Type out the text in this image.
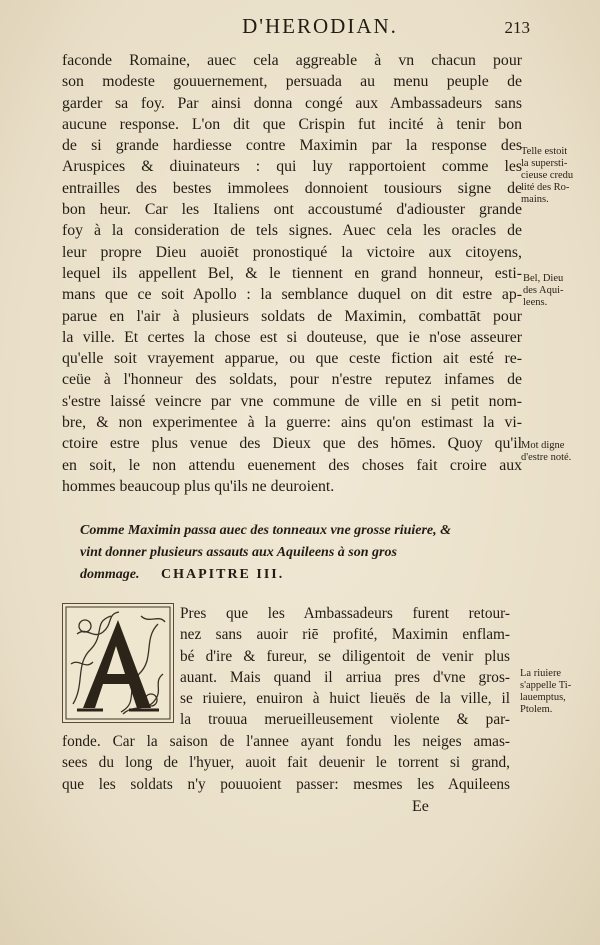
D'HERODIAN.	213
faconde Romaine, auec cela aggreable à vn chacun pour
son modeste gouuernement, persuada au menu peuple de
garder sa foy. Par ainsi donna congé aux Ambassadeurs sans
aucune response. L'on dit que Crispin fut incité à tenir bon
de si grande hardiesse contre Maximin par la response des
Aruspices & diuinateurs : qui luy rapportoient comme les
entrailles des bestes immolees donnoient tousiours signe de
bon heur. Car les Italiens ont accoustumé d'adiouster grande
foy à la consideration de tels signes. Auec cela les oracles de
leur propre Dieu auoiēt pronostiqué la victoire aux citoyens,
lequel ils appellent Bel, & le tiennent en grand honneur, esti-
mans que ce soit Apollo : la semblance duquel on dit estre ap-
parue en l'air à plusieurs soldats de Maximin, combattāt pour
la ville. Et certes la chose est si douteuse, que ie n'ose asseurer
qu'elle soit vrayement apparue, ou que ceste fiction ait esté re-
ceüe à l'honneur des soldats, pour n'estre reputez infames de
s'estre laissé veincre par vne commune de ville en si petit nom-
bre, & non experimentee à la guerre: ains qu'on estimast la vi-
ctoire estre plus venue des Dieux que des hōmes. Quoy qu'il
en soit, le non attendu euenement des choses fait croire aux
hommes beaucoup plus qu'ils ne deuroient.
Telle estoit
la supersti-
cieuse credu
lité des Ro-
mains.
Bel, Dieu
des Aqui-
leens.
Mot digne
d'estre noté.
Comme Maximin passa auec des tonneaux vne grosse riuiere, &
vint donner plusieurs assauts aux Aquileens à son gros
dommage. CHAPITRE III.
Pres que les Ambassadeurs furent retour-
nez sans auoir riē profité, Maximin enflam-
bé d'ire & fureur, se diligentoit de venir plus
auant. Mais quand il arriua pres d'vne gros-
se riuiere, enuiron à huict lieuës de la ville, il
la trouua merueilleusement violente & par-
La riuiere
s'appelle Ti-
lauemptus,
Ptolem.
fonde. Car la saison de l'annee ayant fondu les neiges amas-
sees du long de l'hyuer, auoit fait deuenir le torrent si grand,
que les soldats n'y pouuoient passer: mesmes les Aquileens
Ee
